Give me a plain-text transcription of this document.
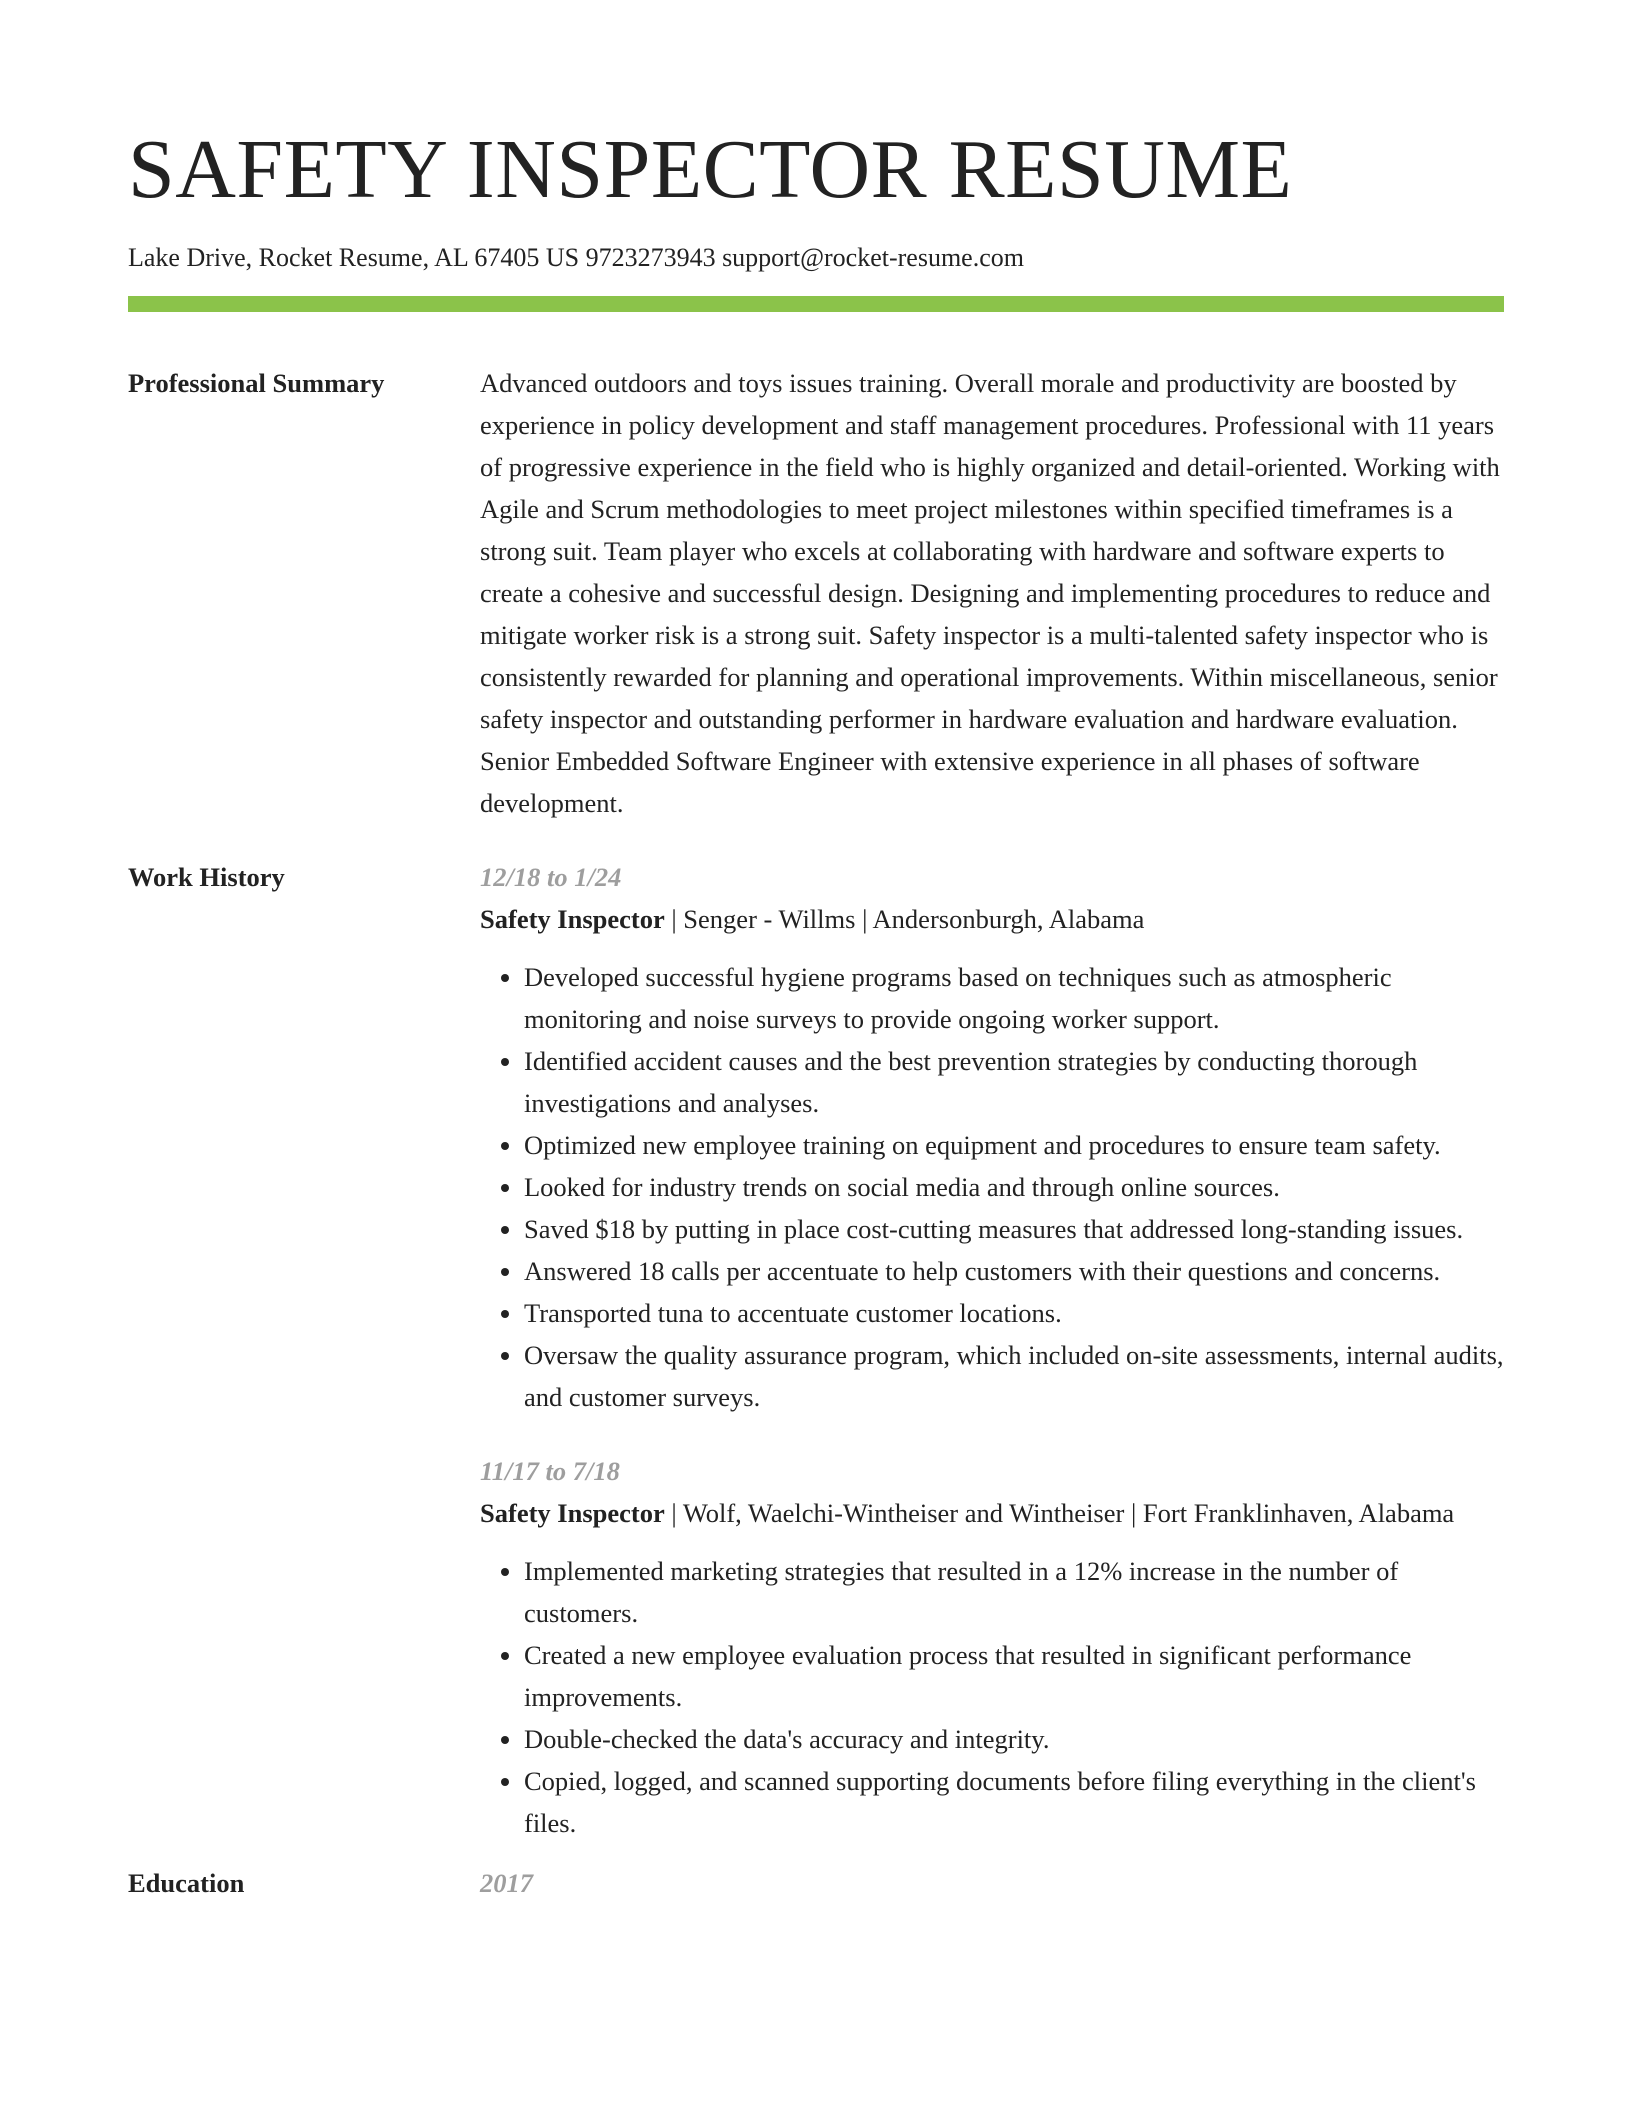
SAFETY INSPECTOR RESUME
Lake Drive, Rocket Resume, AL 67405 US 9723273943 support@rocket-resume.com
Professional Summary	Advanced outdoors and toys issues training. Overall morale and productivity are boosted by experience in policy development and staff management procedures. Professional with 11 years of progressive experience in the field who is highly organized and detail-oriented. Working with Agile and Scrum methodologies to meet project milestones within specified timeframes is a strong suit. Team player who excels at collaborating with hardware and software experts to create a cohesive and successful design. Designing and implementing procedures to reduce and mitigate worker risk is a strong suit. Safety inspector is a multi-talented safety inspector who is consistently rewarded for planning and operational improvements. Within miscellaneous, senior safety inspector and outstanding performer in hardware evaluation and hardware evaluation. Senior Embedded Software Engineer with extensive experience in all phases of software development.

Work History	12/18 to 1/24
Safety Inspector | Senger - Willms | Andersonburgh, Alabama
• Developed successful hygiene programs based on techniques such as atmospheric monitoring and noise surveys to provide ongoing worker support.
• Identified accident causes and the best prevention strategies by conducting thorough investigations and analyses.
• Optimized new employee training on equipment and procedures to ensure team safety.
• Looked for industry trends on social media and through online sources.
• Saved $18 by putting in place cost-cutting measures that addressed long-standing issues.
• Answered 18 calls per accentuate to help customers with their questions and concerns.
• Transported tuna to accentuate customer locations.
• Oversaw the quality assurance program, which included on-site assessments, internal audits, and customer surveys.
11/17 to 7/18
Safety Inspector | Wolf, Waelchi-Wintheiser and Wintheiser | Fort Franklinhaven, Alabama
• Implemented marketing strategies that resulted in a 12% increase in the number of customers.
• Created a new employee evaluation process that resulted in significant performance improvements.
• Double-checked the data's accuracy and integrity.
• Copied, logged, and scanned supporting documents before filing everything in the client's files.
Education	2017
